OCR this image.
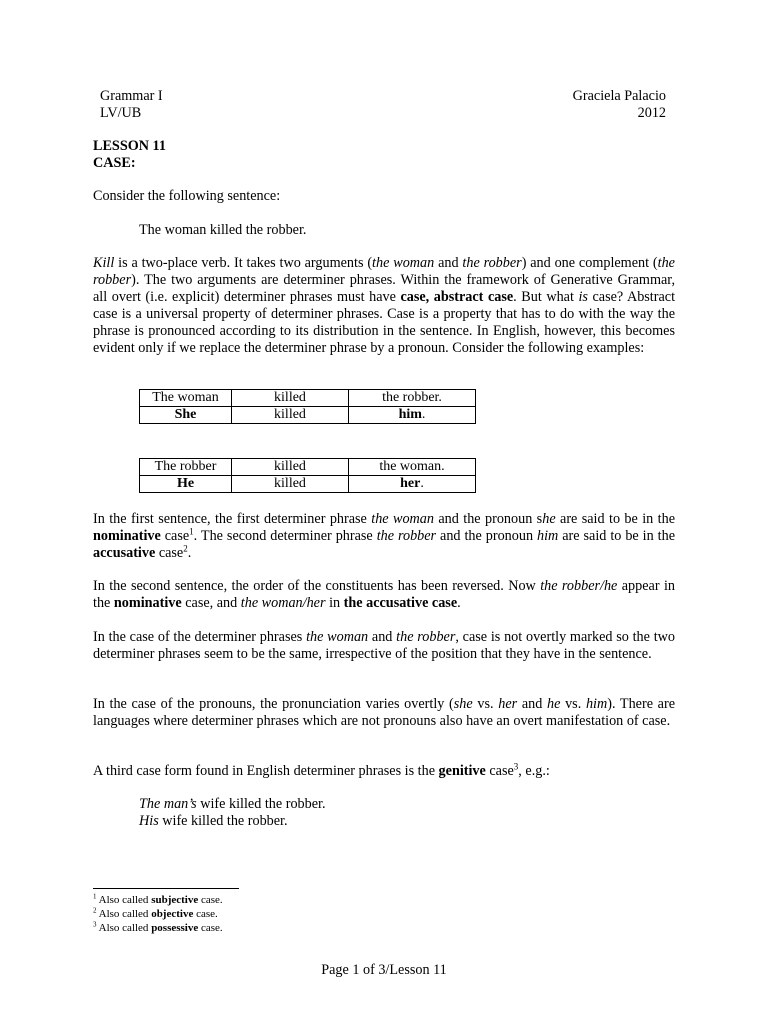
Grammar I
LV/UB
Graciela Palacio
2012
LESSON 11
CASE:
Consider the following sentence:
The woman killed the robber.
Kill is a two-place verb. It takes two arguments (the woman and the robber) and one complement (the robber). The two arguments are determiner phrases. Within the framework of Generative Grammar, all overt (i.e. explicit) determiner phrases must have case, abstract case. But what is case? Abstract case is a universal property of determiner phrases. Case is a property that has to do with the way the phrase is pronounced according to its distribution in the sentence. In English, however, this becomes evident only if we replace the determiner phrase by a pronoun. Consider the following examples:
The woman	killed	the robber.
She	killed	him.
The robber	killed	the woman.
He	killed	her.
In the first sentence, the first determiner phrase the woman and the pronoun she are said to be in the nominative case$^1$. The second determiner phrase the robber and the pronoun him are said to be in the accusative case$^2$.
In the second sentence, the order of the constituents has been reversed. Now the robber/he appear in the nominative case, and the woman/her in the accusative case.
In the case of the determiner phrases the woman and the robber, case is not overtly marked so the two determiner phrases seem to be the same, irrespective of the position that they have in the sentence.
In the case of the pronouns, the pronunciation varies overtly (she vs. her and he vs. him). There are languages where determiner phrases which are not pronouns also have an overt manifestation of case.
A third case form found in English determiner phrases is the genitive case$^3$, e.g.:
The man’s wife killed the robber.
His wife killed the robber.
$^1$ Also called subjective case.
$^2$ Also called objective case.
$^3$ Also called possessive case.
Page 1 of 3/Lesson 11
